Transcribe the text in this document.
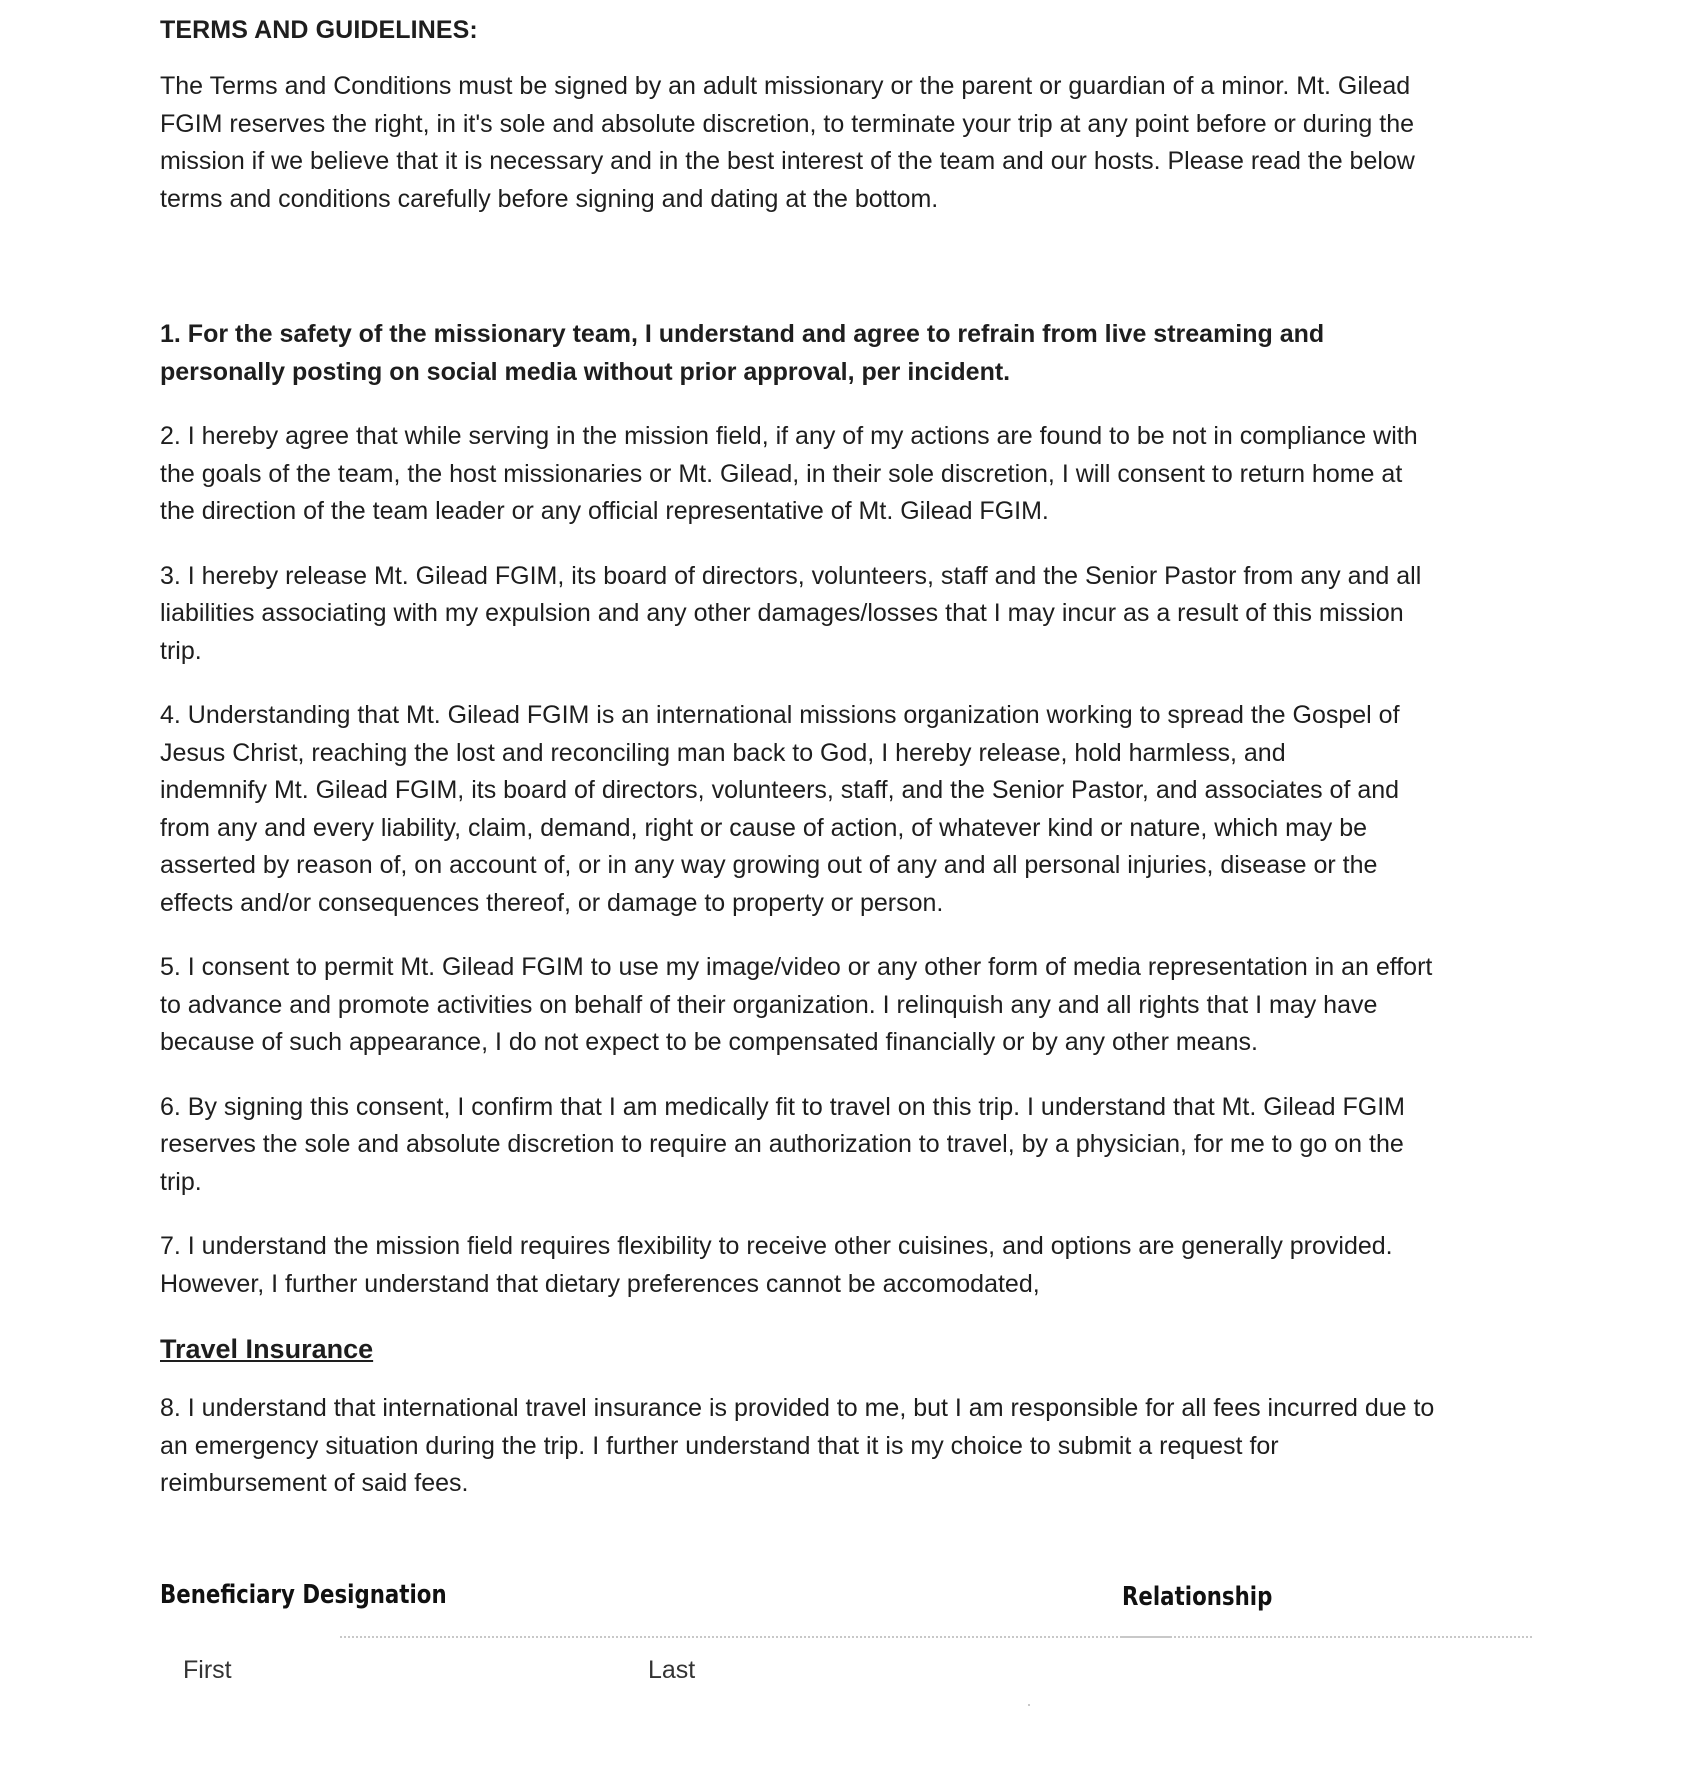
TERMS AND GUIDELINES:

The Terms and Conditions must be signed by an adult missionary or the parent or guardian of a minor. Mt. Gilead
FGIM reserves the right, in it's sole and absolute discretion, to terminate your trip at any point before or during the
mission if we believe that it is necessary and in the best interest of the team and our hosts. Please read the below
terms and conditions carefully before signing and dating at the bottom.

1. For the safety of the missionary team, I understand and agree to refrain from live streaming and
personally posting on social media without prior approval, per incident.

2. I hereby agree that while serving in the mission field, if any of my actions are found to be not in compliance with
the goals of the team, the host missionaries or Mt. Gilead, in their sole discretion, I will consent to return home at
the direction of the team leader or any official representative of Mt. Gilead FGIM.

3. I hereby release Mt. Gilead FGIM, its board of directors, volunteers, staff and the Senior Pastor from any and all
liabilities associating with my expulsion and any other damages/losses that I may incur as a result of this mission
trip.

4. Understanding that Mt. Gilead FGIM is an international missions organization working to spread the Gospel of
Jesus Christ, reaching the lost and reconciling man back to God, I hereby release, hold harmless, and
indemnify Mt. Gilead FGIM, its board of directors, volunteers, staff, and the Senior Pastor, and associates of and
from any and every liability, claim, demand, right or cause of action, of whatever kind or nature, which may be
asserted by reason of, on account of, or in any way growing out of any and all personal injuries, disease or the
effects and/or consequences thereof, or damage to property or person.

5. I consent to permit Mt. Gilead FGIM to use my image/video or any other form of media representation in an effort
to advance and promote activities on behalf of their organization. I relinquish any and all rights that I may have
because of such appearance, I do not expect to be compensated financially or by any other means.

6. By signing this consent, I confirm that I am medically fit to travel on this trip. I understand that Mt. Gilead FGIM
reserves the sole and absolute discretion to require an authorization to travel, by a physician, for me to go on the
trip.

7. I understand the mission field requires flexibility to receive other cuisines, and options are generally provided.
However, I further understand that dietary preferences cannot be accomodated,

Travel Insurance

8. I understand that international travel insurance is provided to me, but I am responsible for all fees incurred due to
an emergency situation during the trip. I further understand that it is my choice to submit a request for
reimbursement of said fees.

Beneficiary Designation	Relationship
First	Last
